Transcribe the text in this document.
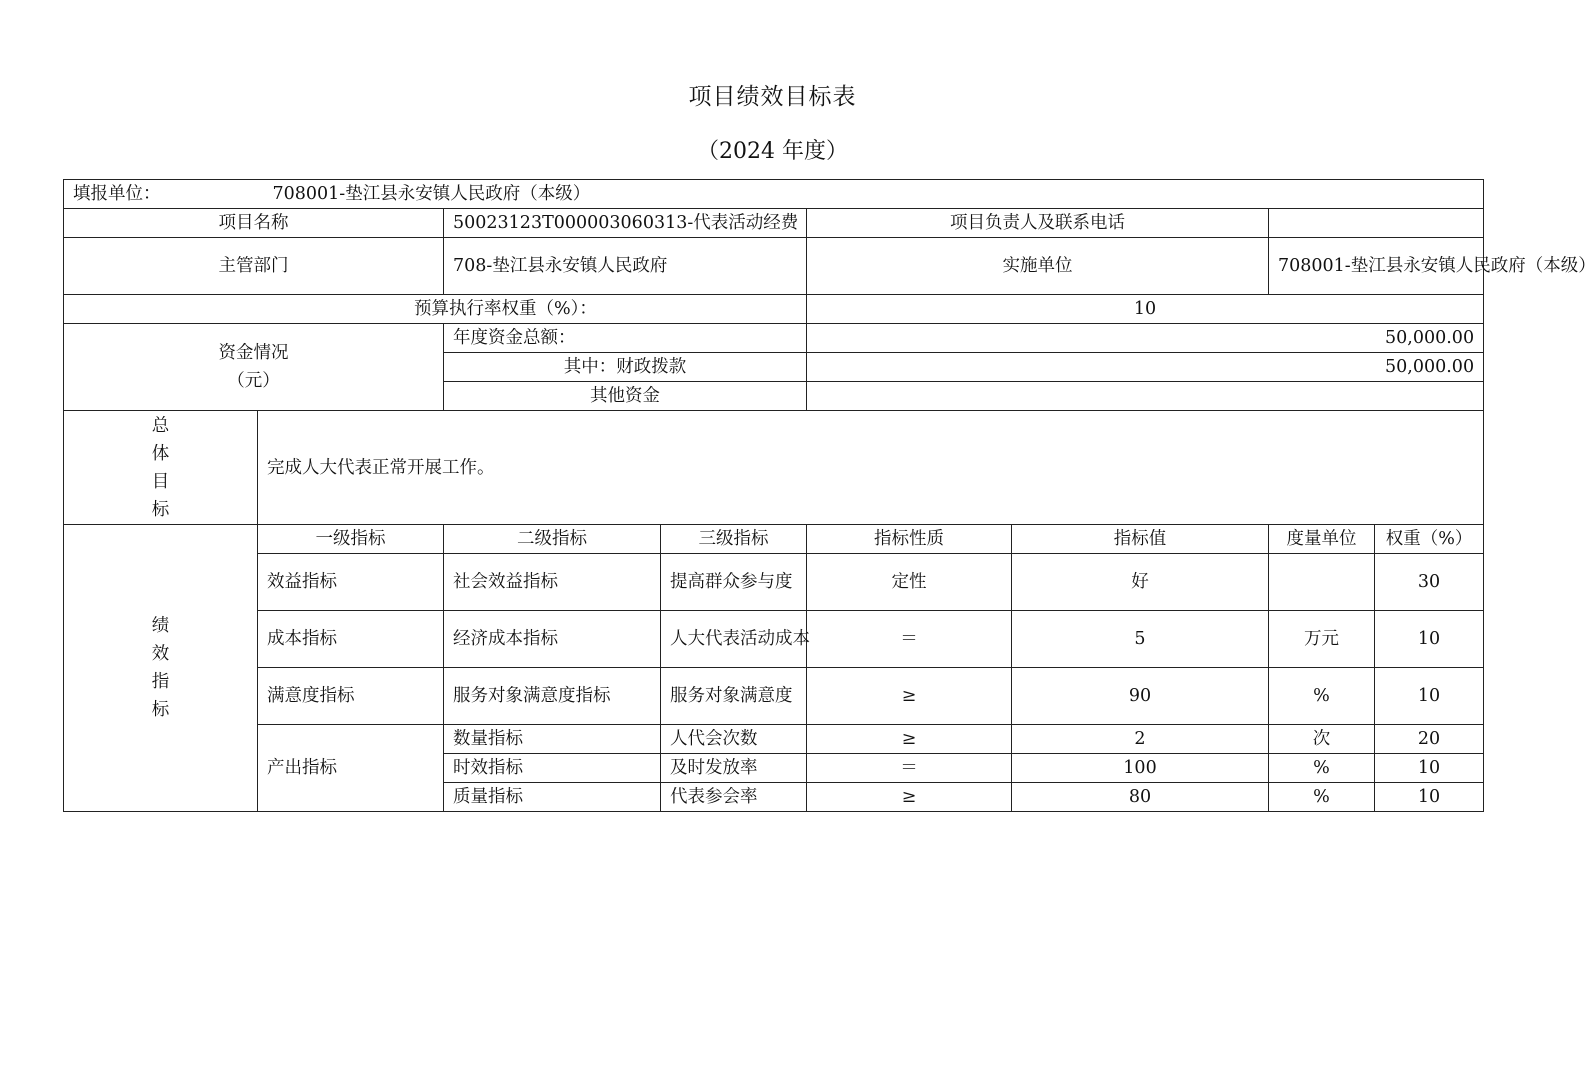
项目绩效目标表
（2024 年度）
填报单位： 708001-垫江县永安镇人民政府（本级）							
项目名称		50023123T000003060313-代表活动经费		项目负责人及联系电话			
主管部门		708-垫江县永安镇人民政府		实施单位		708001-垫江县永安镇人民政府（本级）	
预算执行率权重（%）：				10			

资金情况
（元）		年度资金总额：		50,000.00			
		其中：财政拨款		50,000.00			
		其他资金					

总
体
目
标	完成人大代表正常开展工作。						

绩
效
指
标	一级指标	二级指标	三级指标	指标性质	指标值	度量单位	权重（%）
	效益指标	社会效益指标	提高群众参与度	定性	好		30
	成本指标	经济成本指标	人大代表活动成本	＝	5	万元	10
	满意度指标	服务对象满意度指标	服务对象满意度	≥	90	%	10
	产出指标	数量指标	人代会次数	≥	2	次	20
		时效指标	及时发放率	＝	100	%	10
		质量指标	代表参会率	≥	80	%	10
